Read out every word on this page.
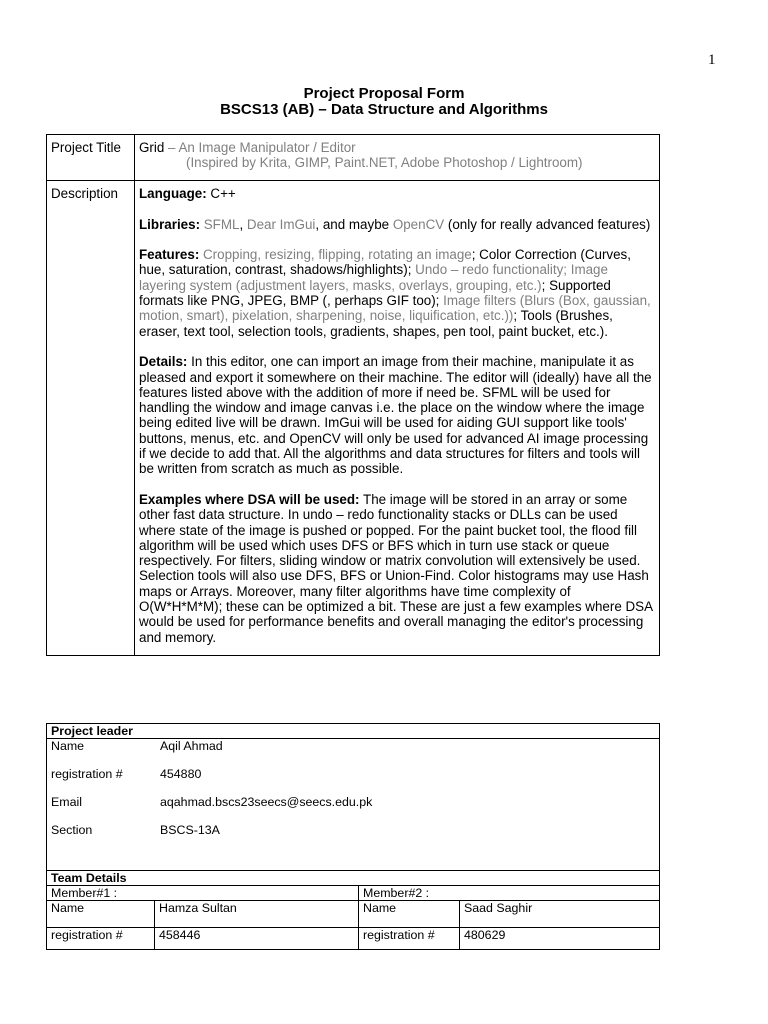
1
Project Proposal Form
BSCS13 (AB) – Data Structure and Algorithms
Project Title	Grid – An Image Manipulator / Editor
(Inspired by Krita, GIMP, Paint.NET, Adobe Photoshop / Lightroom)

Description	Language: C++

Libraries: SFML, Dear ImGui, and maybe OpenCV (only for really advanced features)

Features: Cropping, resizing, flipping, rotating an image; Color Correction (Curves, hue, saturation, contrast, shadows/highlights); Undo – redo functionality; Image layering system (adjustment layers, masks, overlays, grouping, etc.); Supported formats like PNG, JPEG, BMP (, perhaps GIF too); Image filters (Blurs (Box, gaussian, motion, smart), pixelation, sharpening, noise, liquification, etc.)); Tools (Brushes, eraser, text tool, selection tools, gradients, shapes, pen tool, paint bucket, etc.).

Details: In this editor, one can import an image from their machine, manipulate it as pleased and export it somewhere on their machine. The editor will (ideally) have all the features listed above with the addition of more if need be. SFML will be used for handling the window and image canvas i.e. the place on the window where the image being edited live will be drawn. ImGui will be used for aiding GUI support like tools' buttons, menus, etc. and OpenCV will only be used for advanced AI image processing if we decide to add that. All the algorithms and data structures for filters and tools will be written from scratch as much as possible.

Examples where DSA will be used: The image will be stored in an array or some other fast data structure. In undo – redo functionality stacks or DLLs can be used where state of the image is pushed or popped. For the paint bucket tool, the flood fill algorithm will be used which uses DFS or BFS which in turn use stack or queue respectively. For filters, sliding window or matrix convolution will extensively be used. Selection tools will also use DFS, BFS or Union-Find. Color histograms may use Hash maps or Arrays. Moreover, many filter algorithms have time complexity of O(W*H*M*M); these can be optimized a bit. These are just a few examples where DSA would be used for performance benefits and overall managing the editor's processing and memory.

Project leader

Name	Aqil Ahmad
registration #	454880
Email	aqahmad.bscs23seecs@seecs.edu.pk
Section	BSCS-13A

Team Details
Member#1 :	Member#2 :
Name	Hamza Sultan	Name	Saad Saghir
registration #	458446	registration #	480629
